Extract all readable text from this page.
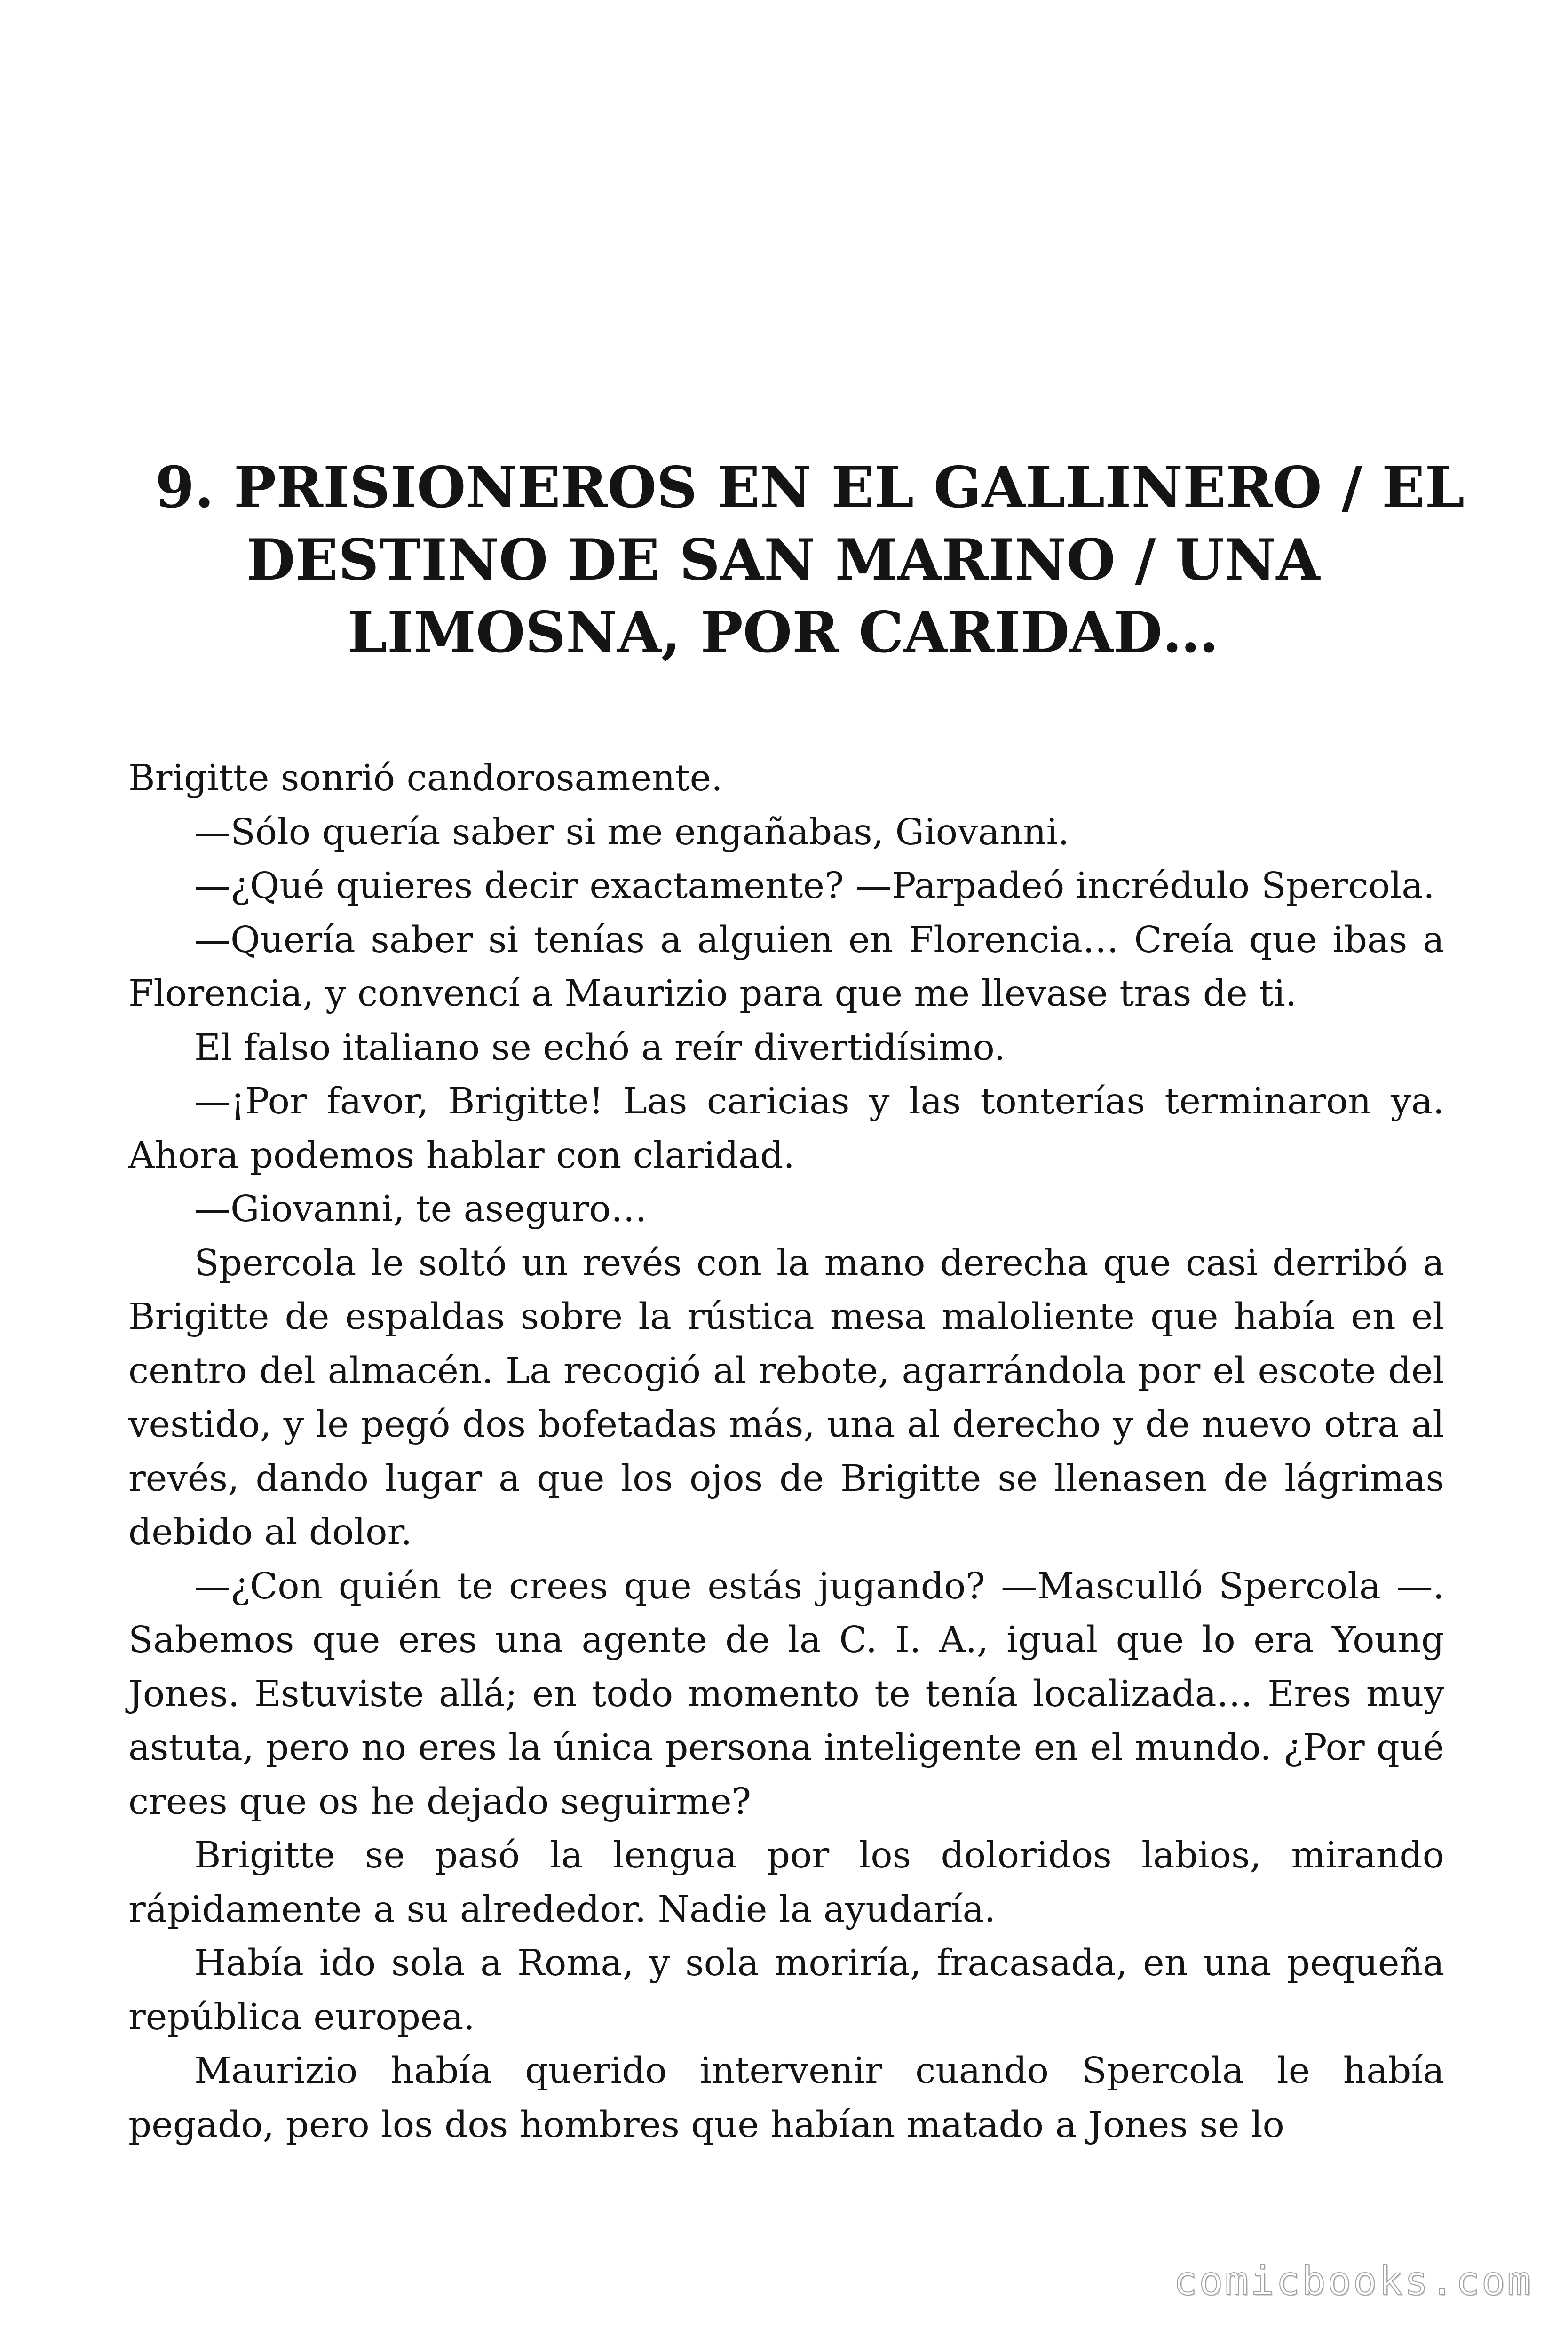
9. PRISIONEROS EN EL GALLINERO / EL
DESTINO DE SAN MARINO / UNA
LIMOSNA, POR CARIDAD…

Brigitte sonrió candorosamente.

—Sólo quería saber si me engañabas, Giovanni.

—¿Qué quieres decir exactamente? —Parpadeó incrédulo Spercola.

—Quería saber si tenías a alguien en Florencia… Creía que ibas a Florencia, y convencí a Maurizio para que me llevase tras de ti.

El falso italiano se echó a reír divertidísimo.

—¡Por favor, Brigitte! Las caricias y las tonterías terminaron ya. Ahora podemos hablar con claridad.

—Giovanni, te aseguro…

Spercola le soltó un revés con la mano derecha que casi derribó a Brigitte de espaldas sobre la rústica mesa maloliente que había en el centro del almacén. La recogió al rebote, agarrándola por el escote del vestido, y le pegó dos bofetadas más, una al derecho y de nuevo otra al revés, dando lugar a que los ojos de Brigitte se llenasen de lágrimas debido al dolor.

—¿Con quién te crees que estás jugando? —Masculló Spercola —. Sabemos que eres una agente de la C. I. A., igual que lo era Young Jones. Estuviste allá; en todo momento te tenía localizada… Eres muy astuta, pero no eres la única persona inteligente en el mundo. ¿Por qué crees que os he dejado seguirme?

Brigitte se pasó la lengua por los doloridos labios, mirando rápidamente a su alrededor. Nadie la ayudaría.

Había ido sola a Roma, y sola moriría, fracasada, en una pequeña república europea.

Maurizio había querido intervenir cuando Spercola le había pegado, pero los dos hombres que habían matado a Jones se lo

comicbooks.com
